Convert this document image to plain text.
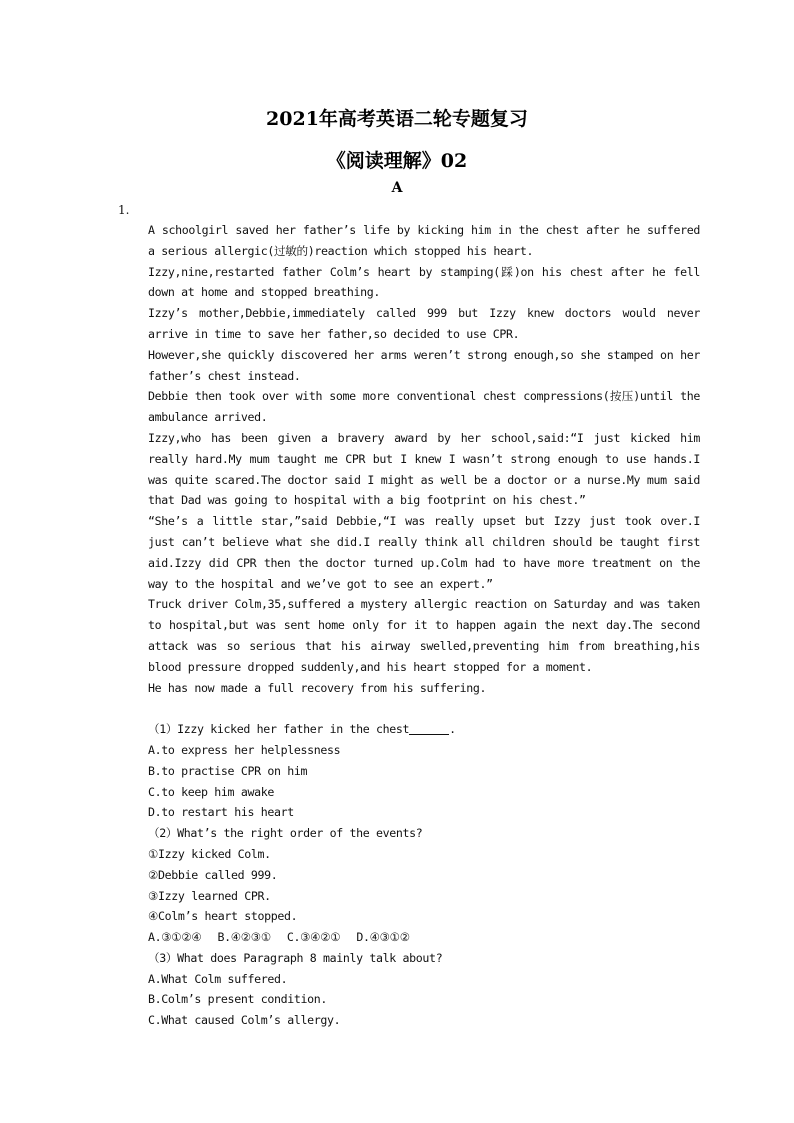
2021年高考英语二轮专题复习
《阅读理解》02
A
1.

A schoolgirl saved her father’s life by kicking him in the chest after he suffered a serious allergic(过敏的)reaction which stopped his heart.

Izzy,nine,restarted father Colm’s heart by stamping(踩)on his chest after he fell down at home and stopped breathing.

Izzy’s mother,Debbie,immediately called 999 but Izzy knew doctors would never arrive in time to save her father,so decided to use CPR.

However,she quickly discovered her arms weren’t strong enough,so she stamped on her father’s chest instead.

Debbie then took over with some more conventional chest compressions(按压)until the ambulance arrived.

Izzy,who has been given a bravery award by her school,said:“I just kicked him really hard.My mum taught me CPR but I knew I wasn’t strong enough to use hands.I was quite scared.The doctor said I might as well be a doctor or a nurse.My mum said that Dad was going to hospital with a big footprint on his chest.”

“She’s a little star,”said Debbie,“I was really upset but Izzy just took over.I just can’t believe what she did.I really think all children should be taught first aid.Izzy did CPR then the doctor turned up.Colm had to have more treatment on the way to the hospital and we’ve got to see an expert.”

Truck driver Colm,35,suffered a mystery allergic reaction on Saturday and was taken to hospital,but was sent home only for it to happen again the next day.The second attack was so serious that his airway swelled,preventing him from breathing,his blood pressure dropped suddenly,and his heart stopped for a moment.

He has now made a full recovery from his suffering.

（1）Izzy kicked her father in the chest	.

A.to express her helplessness

B.to practise CPR on him

C.to keep him awake

D.to restart his heart

（2）What’s the right order of the events?

①Izzy kicked Colm.

②Debbie called 999.

③Izzy learned CPR.

④Colm’s heart stopped.

A.③①②④ B.④②③① C.③④②① D.④③①②

（3）What does Paragraph 8 mainly talk about?

A.What Colm suffered.

B.Colm’s present condition.

C.What caused Colm’s allergy.
